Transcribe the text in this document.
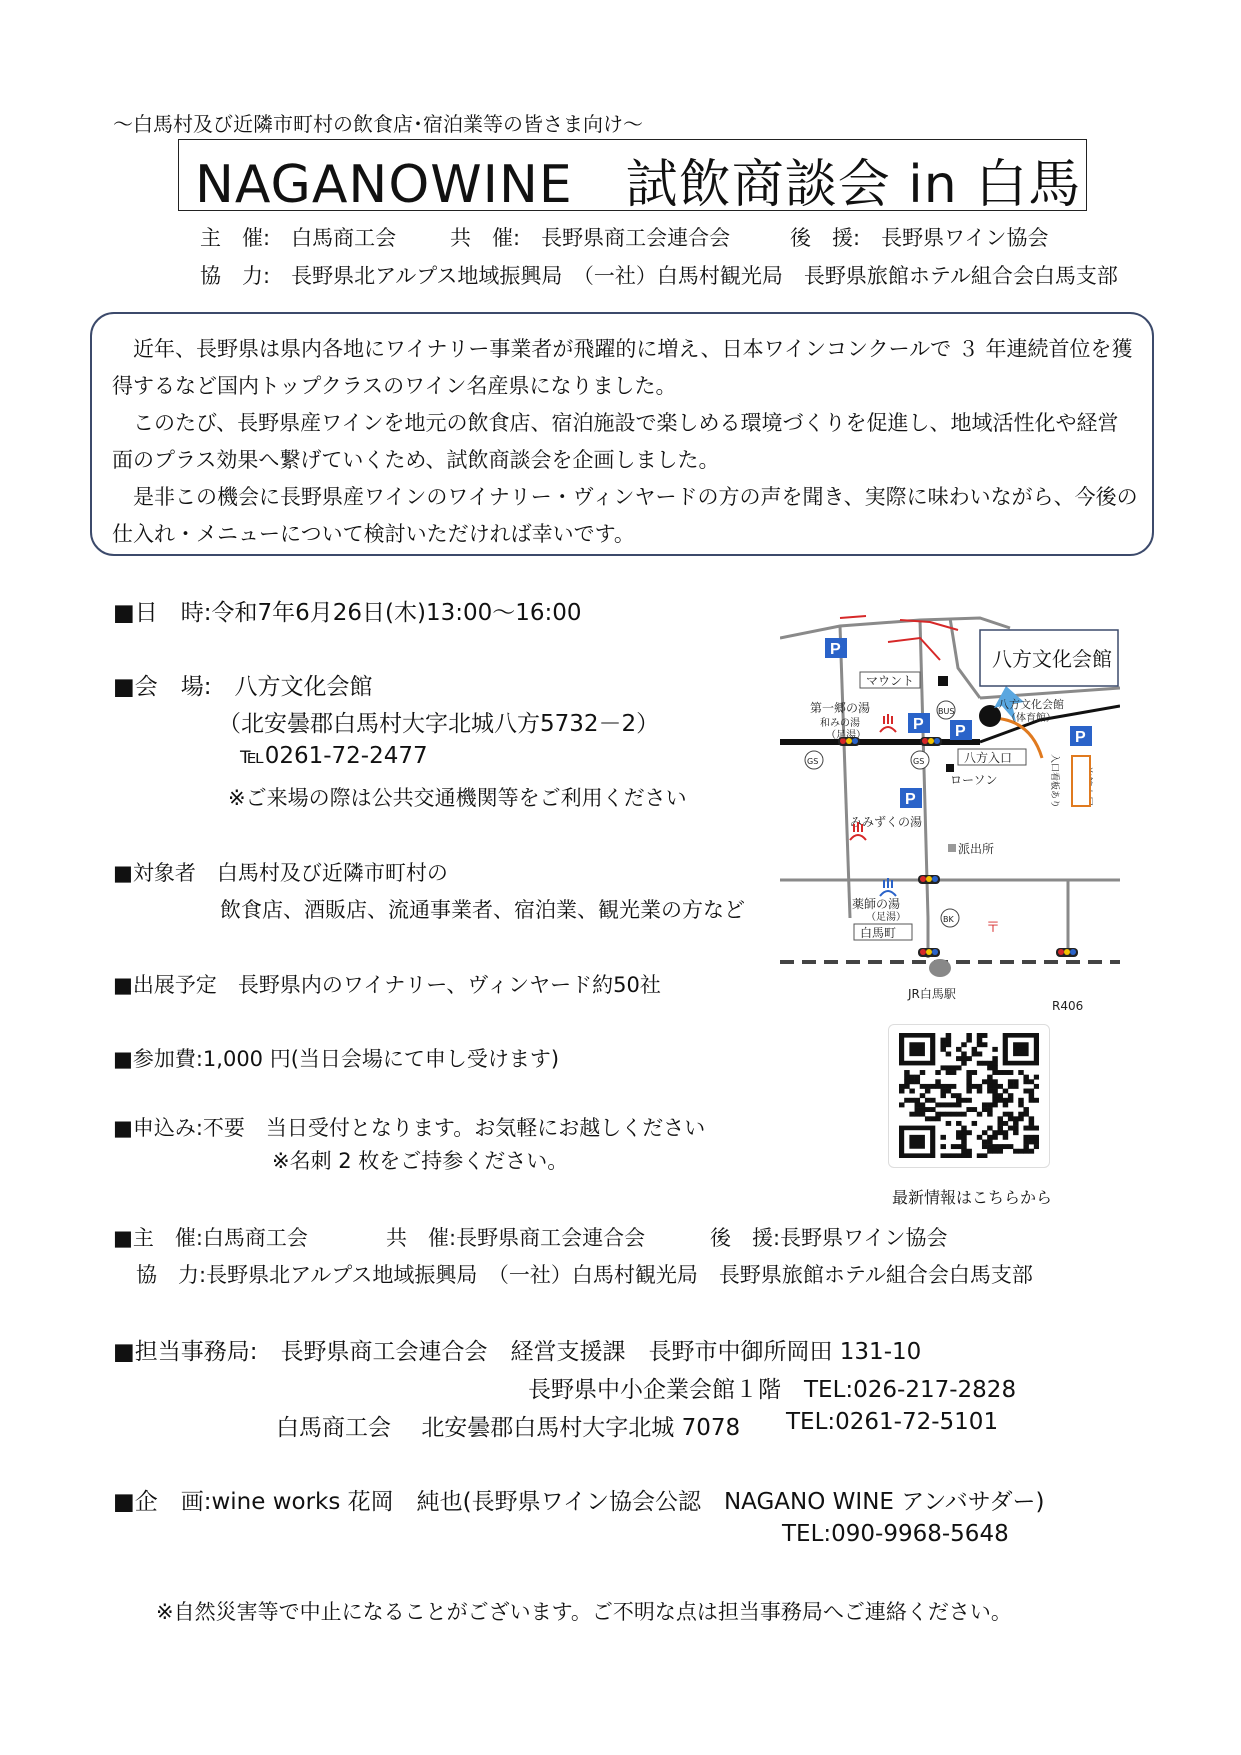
～白馬村及び近隣市町村の飲食店･宿泊業等の皆さま向け～
NAGANOWINE　試飲商談会 in 白馬
主　催:　白馬商工会	共　催:　長野県商工会連合会	後　援:　長野県ワイン協会
協　力:　長野県北アルプス地域振興局　（一社）白馬村観光局　長野県旅館ホテル組合会白馬支部
　近年、長野県は県内各地にワイナリー事業者が飛躍的に増え、日本ワインコンクールで ３ 年連続首位を獲
得するなど国内トップクラスのワイン名産県になりました。
　このたび、長野県産ワインを地元の飲食店、宿泊施設で楽しめる環境づくりを促進し、地域活性化や経営
面のプラス効果へ繋げていくため、試飲商談会を企画しました。
　是非この機会に長野県産ワインのワイナリー・ヴィンヤードの方の声を聞き、実際に味わいながら、今後の
仕入れ・メニューについて検討いただければ幸いです。
■日　時:令和7年6月26日(木)13:00～16:00
■会　場:　八方文化会館
（北安曇郡白馬村大字北城八方5732－2）
℡0261-72-2477
※ご来場の際は公共交通機関等をご利用ください
■対象者　白馬村及び近隣市町村の
飲食店、酒販店、流通事業者、宿泊業、観光業の方など
■出展予定　長野県内のワイナリー、ヴィンヤード約50社
■参加費:1,000 円(当日会場にて申し受けます)
■申込み:不要　当日受付となります。お気軽にお越しください
※名刺 2 枚をご持参ください。
P
P P	P
P
八方文化会館
マウント
第一郷の湯
和みの湯
（足湯）
八方文化会館
（体育館）
八方入口
ローソン
みみずくの湯
派出所
薬師の湯
（足湯）
白馬町
JR白馬駅
R406
入口看板あり
BUS
GS	GS
BK
〒
最新情報はこちらから
■主　催:白馬商工会	共　催:長野県商工会連合会	後　援:長野県ワイン協会
協　力:長野県北アルプス地域振興局　（一社）白馬村観光局　長野県旅館ホテル組合会白馬支部
■担当事務局:　長野県商工会連合会　経営支援課　長野市中御所岡田 131-10
長野県中小企業会館１階　TEL:026-217-2828
白馬商工会　 北安曇郡白馬村大字北城 7078 TEL:0261-72-5101
■企　画:wine works 花岡　純也(長野県ワイン協会公認　NAGANO WINE アンバサダー)
TEL:090-9968-5648
※自然災害等で中止になることがございます。ご不明な点は担当事務局へご連絡ください。
